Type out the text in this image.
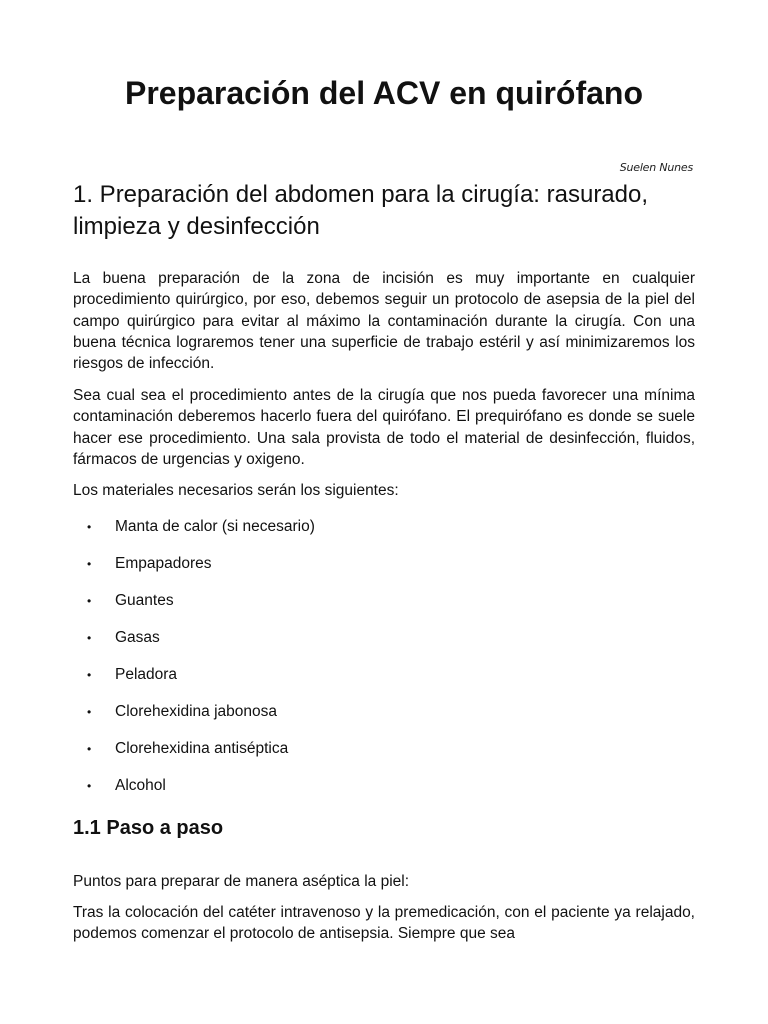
Preparación del ACV en quirófano
Suelen Nunes
1. Preparación del abdomen para la cirugía: rasurado, limpieza y desinfección

La buena preparación de la zona de incisión es muy importante en cualquier procedimiento quirúrgico, por eso, debemos seguir un protocolo de asepsia de la piel del campo quirúrgico para evitar al máximo la contaminación durante la cirugía. Con una buena técnica lograremos tener una superficie de trabajo estéril y así minimizaremos los riesgos de infección.

Sea cual sea el procedimiento antes de la cirugía que nos pueda favorecer una mínima contaminación deberemos hacerlo fuera del quirófano. El prequirófano es donde se suele hacer ese procedimiento. Una sala provista de todo el material de desinfección, fluidos, fármacos de urgencias y oxigeno.

Los materiales necesarios serán los siguientes:

• Manta de calor (si necesario)
• Empapadores
• Guantes
• Gasas
• Peladora
• Clorehexidina jabonosa
• Clorehexidina antiséptica
• Alcohol
1.1 Paso a paso

Puntos para preparar de manera aséptica la piel:

Tras la colocación del catéter intravenoso y la premedicación, con el paciente ya relajado, podemos comenzar el protocolo de antisepsia. Siempre que sea
